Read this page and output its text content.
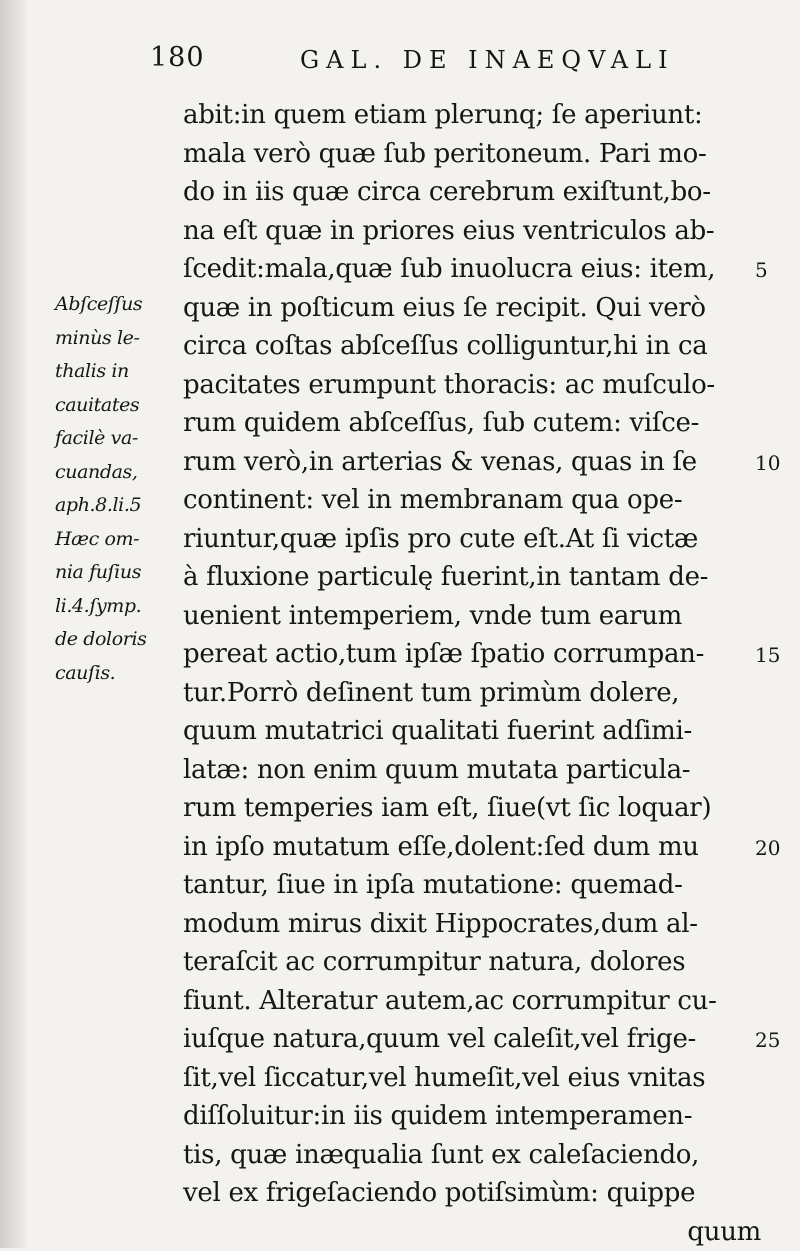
180	GAL. DE INAEQVALI
abit:in quem etiam plerunq; ſe aperiunt:
mala verò quæ ſub peritoneum. Pari mo-
do in iis quæ circa cerebrum exiſtunt,bo-
na eſt quæ in priores eius ventriculos ab-
ſcedit:mala,quæ ſub inuolucra eius: item,
quæ in poſticum eius ſe recipit. Qui verò
circa coſtas abſceſſus colliguntur,hi in ca
pacitates erumpunt thoracis: ac muſculo-
rum quidem abſceſſus, ſub cutem: viſce-
rum verò,in arterias & venas, quas in ſe
continent: vel in membranam qua ope-
riuntur,quæ ipſis pro cute eſt.At ſi victæ
à fluxione particulę fuerint,in tantam de-
uenient intemperiem, vnde tum earum
pereat actio,tum ipſæ ſpatio corrumpan-
tur.Porrò deſinent tum primùm dolere,
quum mutatrici qualitati fuerint adſimi-
latæ: non enim quum mutata particula-
rum temperies iam eſt, ſiue(vt ſic loquar)
in ipſo mutatum eſſe,dolent:ſed dum mu
tantur, ſiue in ipſa mutatione: quemad-
modum mirus dixit Hippocrates,dum al-
teraſcit ac corrumpitur natura, dolores
fiunt. Alteratur autem,ac corrumpitur cu-
iuſque natura,quum vel caleſit,vel frige-
ſit,vel ſiccatur,vel humeſit,vel eius vnitas
diſſoluitur:in iis quidem intemperamen-
tis, quæ inæqualia ſunt ex caleſaciendo,
vel ex frigeſaciendo potiſsimùm: quippe
quum
Abſceſſus
minùs le-
thalis in
cauitates
facilè va-
cuandas,
aph.8.li.5
Hæc om-
nia fuſius
li.4.ſymp.
de doloris
cauſis.
5
10
15
20
25
